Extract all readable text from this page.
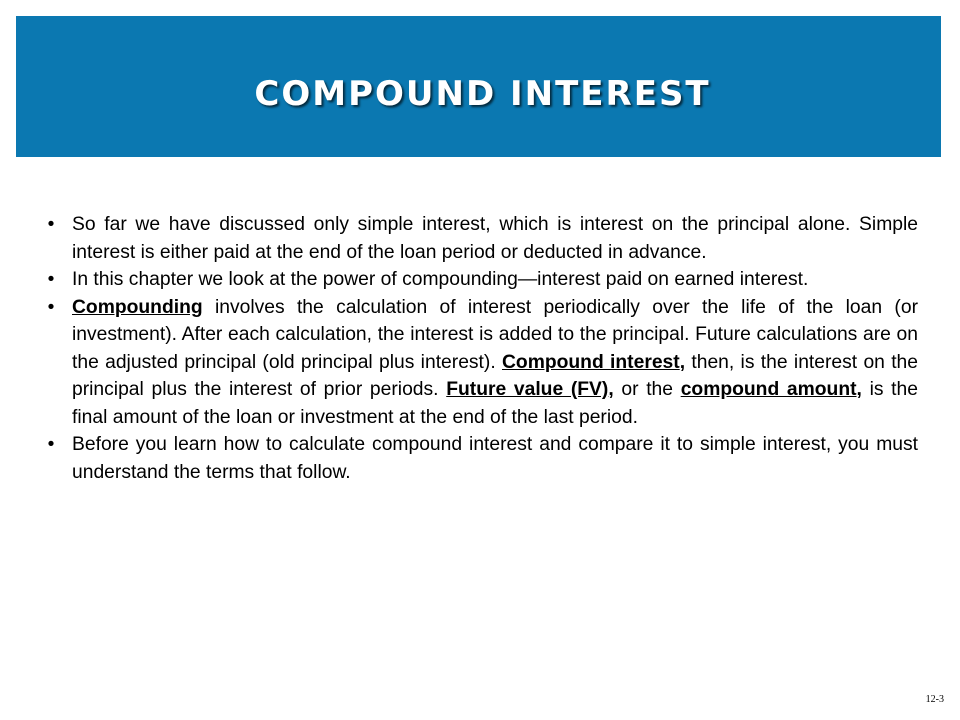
COMPOUND INTEREST
• So far we have discussed only simple interest, which is interest on the principal alone. Simple interest is either paid at the end of the loan period or deducted in advance.
• In this chapter we look at the power of compounding—interest paid on earned interest.
• Compounding involves the calculation of interest periodically over the life of the loan (or investment). After each calculation, the interest is added to the principal. Future calculations are on the adjusted principal (old principal plus interest). Compound interest, then, is the interest on the principal plus the interest of prior periods. Future value (FV), or the compound amount, is the final amount of the loan or investment at the end of the last period.
• Before you learn how to calculate compound interest and compare it to simple interest, you must understand the terms that follow.
12-3
